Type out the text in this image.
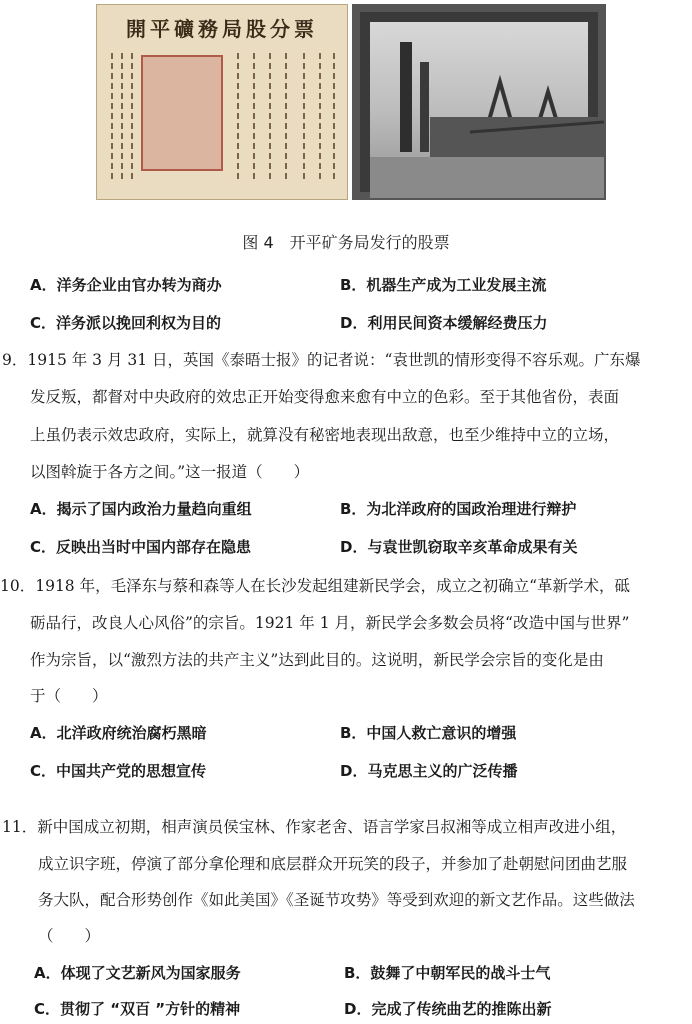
開平礦務局股分票
图 4　开平矿务局发行的股票
A．洋务企业由官办转为商办	B．机器生产成为工业发展主流
C．洋务派以挽回利权为目的	D．利用民间资本缓解经费压力
9．1915 年 3 月 31 日，英国《泰晤士报》的记者说：“袁世凯的情形变得不容乐观。广东爆
发反叛，都督对中央政府的效忠正开始变得愈来愈有中立的色彩。至于其他省份，表面
上虽仍表示效忠政府，实际上，就算没有秘密地表现出敌意，也至少维持中立的立场，
以图斡旋于各方之间。”这一报道（　　）
A．揭示了国内政治力量趋向重组	B．为北洋政府的国政治理进行辩护
C．反映出当时中国内部存在隐患	D．与袁世凯窃取辛亥革命成果有关
10．1918 年，毛泽东与蔡和森等人在长沙发起组建新民学会，成立之初确立“革新学术，砥
砺品行，改良人心风俗”的宗旨。1921 年 1 月，新民学会多数会员将“改造中国与世界”
作为宗旨，以“激烈方法的共产主义”达到此目的。这说明，新民学会宗旨的变化是由
于（　　）
A．北洋政府统治腐朽黑暗	B．中国人救亡意识的增强
C．中国共产党的思想宣传	D．马克思主义的广泛传播
11．新中国成立初期，相声演员侯宝林、作家老舍、语言学家吕叔湘等成立相声改进小组，
成立识字班，停演了部分拿伦理和底层群众开玩笑的段子，并参加了赴朝慰问团曲艺服
务大队，配合形势创作《如此美国》《圣诞节攻势》等受到欢迎的新文艺作品。这些做法
（　　）
A．体现了文艺新风为国家服务	B．鼓舞了中朝军民的战斗士气
C．贯彻了 “双百 ”方针的精神	D．完成了传统曲艺的推陈出新
